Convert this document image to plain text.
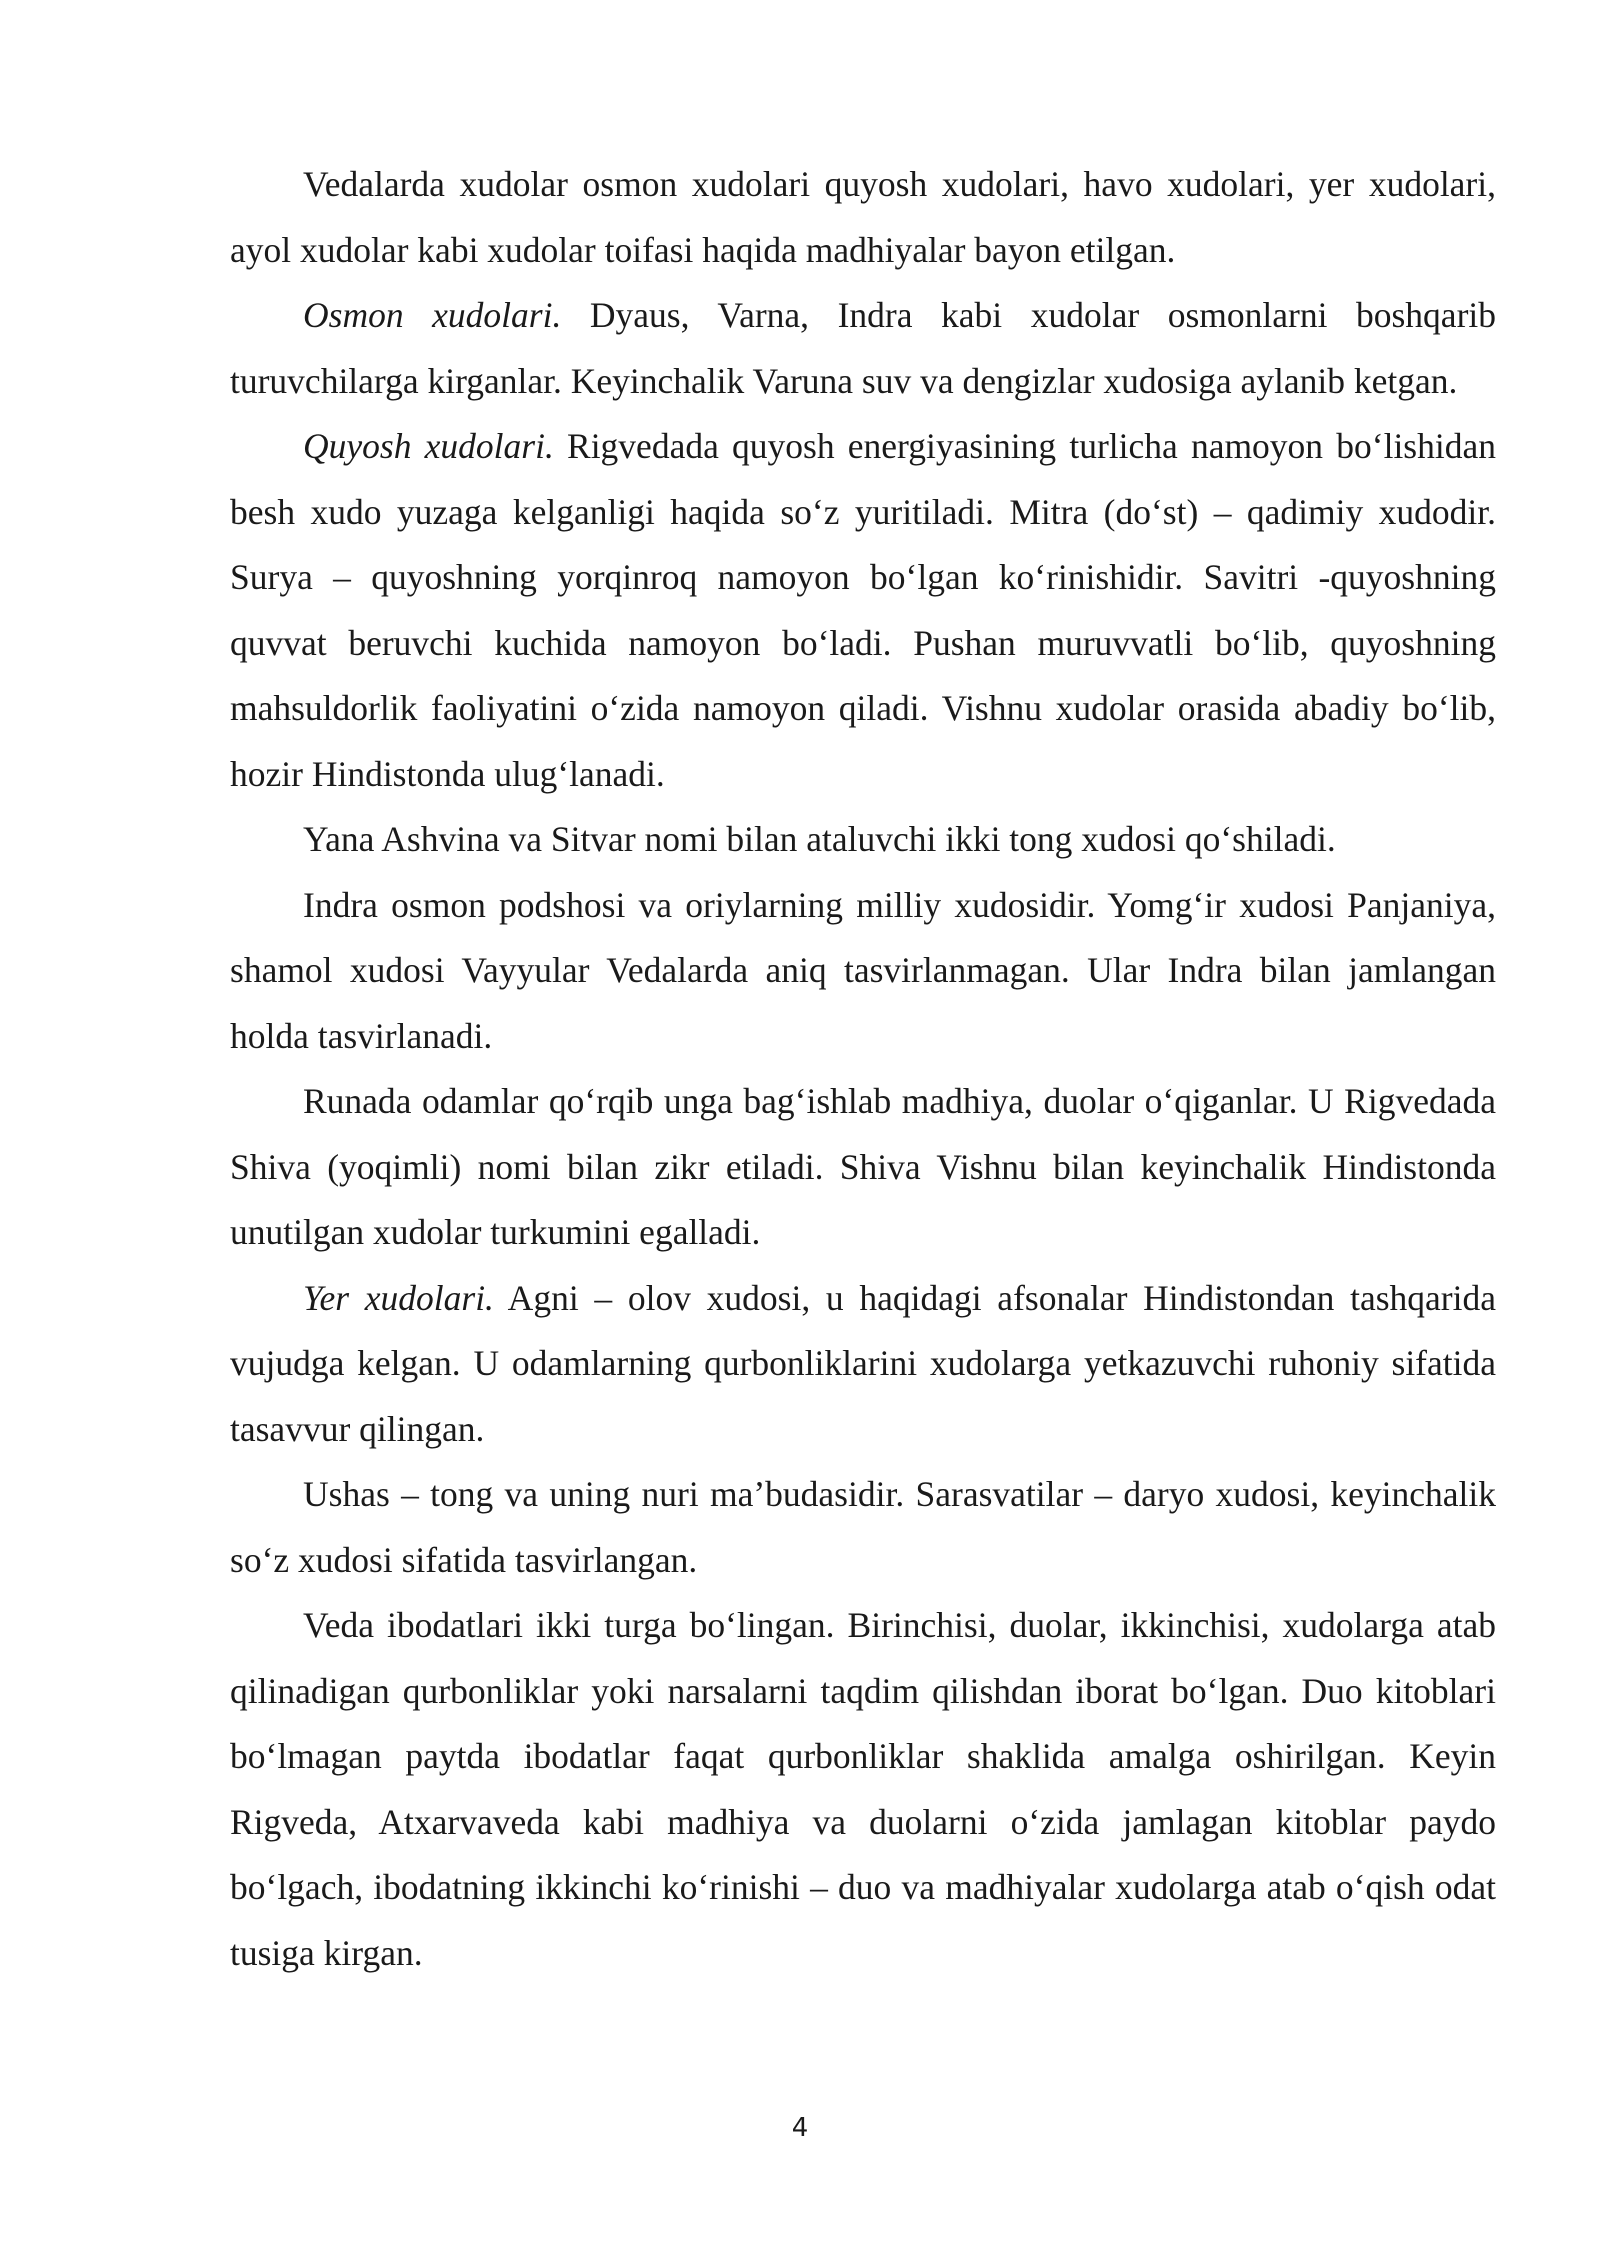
Vedalarda xudolar osmon xudolari quyosh xudolari, havo xudolari, yer xudolari, ayol xudolar kabi xudolar toifasi haqida madhiyalar bayon etilgan.

Osmon xudolari. Dyaus, Varna, Indra kabi xudolar osmonlarni boshqarib turuvchilarga kirganlar. Keyinchalik Varuna suv va dengizlar xudosiga aylanib ketgan.

Quyosh xudolari. Rigvedada quyosh energiyasining turlicha namoyon boʻlishidan besh xudo yuzaga kelganligi haqida soʻz yuritiladi. Mitra (doʻst) – qadimiy xudodir. Surya – quyoshning yorqinroq namoyon boʻlgan koʻrinishidir. Savitri -quyoshning quvvat beruvchi kuchida namoyon boʻladi. Pushan muruvvatli boʻlib, quyoshning mahsuldorlik faoliyatini oʻzida namoyon qiladi. Vishnu xudolar orasida abadiy boʻlib, hozir Hindistonda ulugʻlanadi.

Yana Ashvina va Sitvar nomi bilan ataluvchi ikki tong xudosi qoʻshiladi.

Indra osmon podshosi va oriylarning milliy xudosidir. Yomgʻir xudosi Panjaniya, shamol xudosi Vayyular Vedalarda aniq tasvirlanmagan. Ular Indra bilan jamlangan holda tasvirlanadi.

Runada odamlar qoʻrqib unga bagʻishlab madhiya, duolar oʻqiganlar. U Rigvedada Shiva (yoqimli) nomi bilan zikr etiladi. Shiva Vishnu bilan keyinchalik Hindistonda unutilgan xudolar turkumini egalladi.

Yer xudolari. Agni – olov xudosi, u haqidagi afsonalar Hindistondan tashqarida vujudga kelgan. U odamlarning qurbonliklarini xudolarga yetkazuvchi ruhoniy sifatida tasavvur qilingan.

Ushas – tong va uning nuri maʼbudasidir. Sarasvatilar – daryo xudosi, keyinchalik soʻz xudosi sifatida tasvirlangan.

Veda ibodatlari ikki turga boʻlingan. Birinchisi, duolar, ikkinchisi, xudolarga atab qilinadigan qurbonliklar yoki narsalarni taqdim qilishdan iborat boʻlgan. Duo kitoblari boʻlmagan paytda ibodatlar faqat qurbonliklar shaklida amalga oshirilgan. Keyin Rigveda, Atxarvaveda kabi madhiya va duolarni oʻzida jamlagan kitoblar paydo boʻlgach, ibodatning ikkinchi koʻrinishi – duo va madhiyalar xudolarga atab oʻqish odat tusiga kirgan.

4
